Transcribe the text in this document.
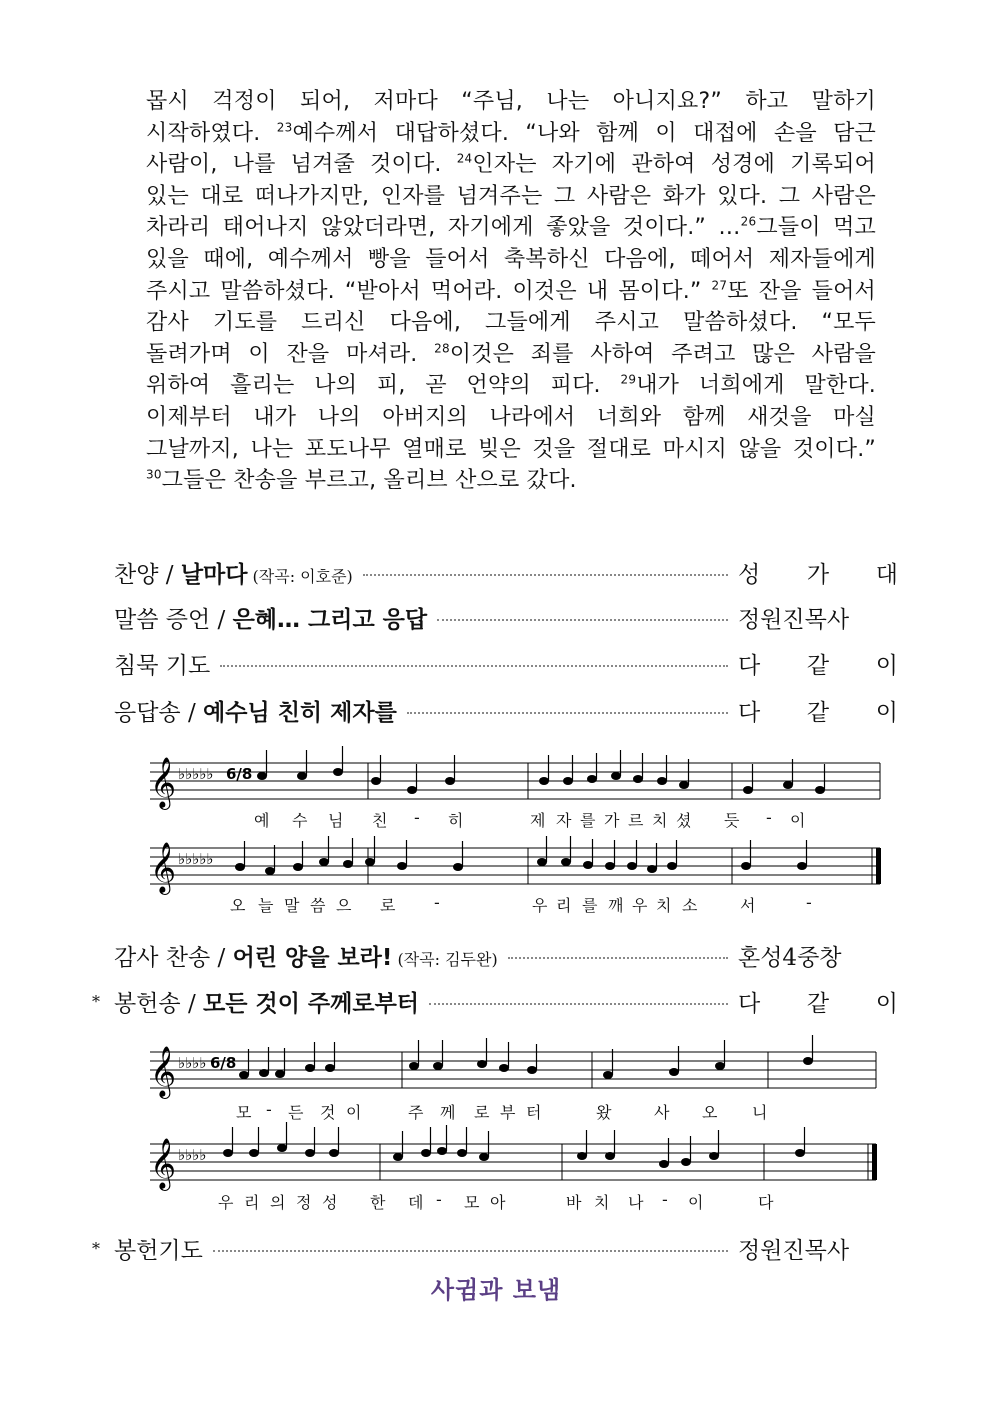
몹시 걱정이 되어, 저마다 “주님, 나는 아니지요?” 하고 말하기
시작하였다. $^{23}$예수께서 대답하셨다. “나와 함께 이 대접에 손을 담근
사람이, 나를 넘겨줄 것이다. $^{24}$인자는 자기에 관하여 성경에 기록되어
있는 대로 떠나가지만, 인자를 넘겨주는 그 사람은 화가 있다. 그 사람은
차라리 태어나지 않았더라면, 자기에게 좋았을 것이다.” …$^{26}$그들이 먹고
있을 때에, 예수께서 빵을 들어서 축복하신 다음에, 떼어서 제자들에게
주시고 말씀하셨다. “받아서 먹어라. 이것은 내 몸이다.” $^{27}$또 잔을 들어서
감사 기도를 드리신 다음에, 그들에게 주시고 말씀하셨다. “모두
돌려가며 이 잔을 마셔라. $^{28}$이것은 죄를 사하여 주려고 많은 사람을
위하여 흘리는 나의 피, 곧 언약의 피다. $^{29}$내가 너희에게 말한다.
이제부터 내가 나의 아버지의 나라에서 너희와 함께 새것을 마실
그날까지, 나는 포도나무 열매로 빚은 것을 절대로 마시지 않을 것이다.”
$^{30}$그들은 찬송을 부르고, 올리브 산으로 갔다.
찬양 / 날마다 (작곡: 이호준)	성 가 대
말씀 증언 / 은혜… 그리고 응답	정원진목사
침묵 기도	다 같 이
응답송 / 예수님 친히 제자를	다 같 이
𝄞
𝄞
♭♭♭♭♭
♭♭♭♭♭
6/8
예 수 님 친 - 히	제 자 를 가 르 치 셨 듯 - 이
오 늘 말 씀 으 로 -	우 리 를 깨 우 치 소	서	-
감사 찬송 / 어린 양을 보라! (작곡: 김두완)	혼성4중창
* 봉헌송 / 모든 것이 주께로부터	다 같 이
𝄞
𝄞
♭♭♭♭
♭♭♭♭
6/8
모 - 든 것 이	주 께 로 부 터	왔	사 오 니
우 리 의 정 성 한 데 - 모 아	바 치 나 - 이	다
* 봉헌기도	정원진목사
사귐과 보냄
